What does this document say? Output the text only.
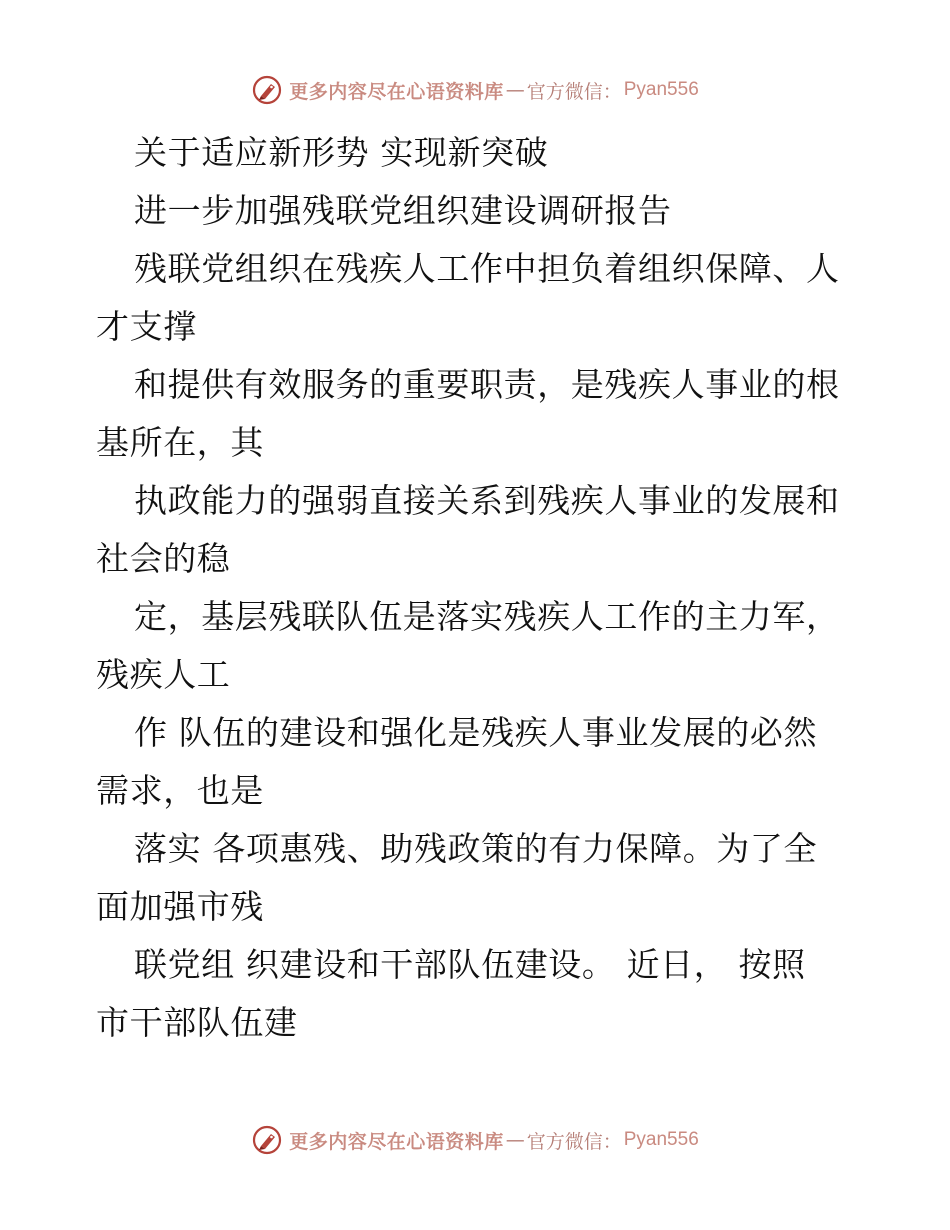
更多内容尽在心语资料库 — 官方微信： Pyan556
关于适应新形势 实现新突破
进一步加强残联党组织建设调研报告
残联党组织在残疾人工作中担负着组织保障、人
才支撑
和提供有效服务的重要职责，是残疾人事业的根
基所在，其
执政能力的强弱直接关系到残疾人事业的发展和
社会的稳
定，基层残联队伍是落实残疾人工作的主力军，
残疾人工
作 队伍的建设和强化是残疾人事业发展的必然
需求，也是
落实 各项惠残、助残政策的有力保障。为了全
面加强市残
联党组 织建设和干部队伍建设。 近日， 按照
市干部队伍建
更多内容尽在心语资料库 — 官方微信： Pyan556
